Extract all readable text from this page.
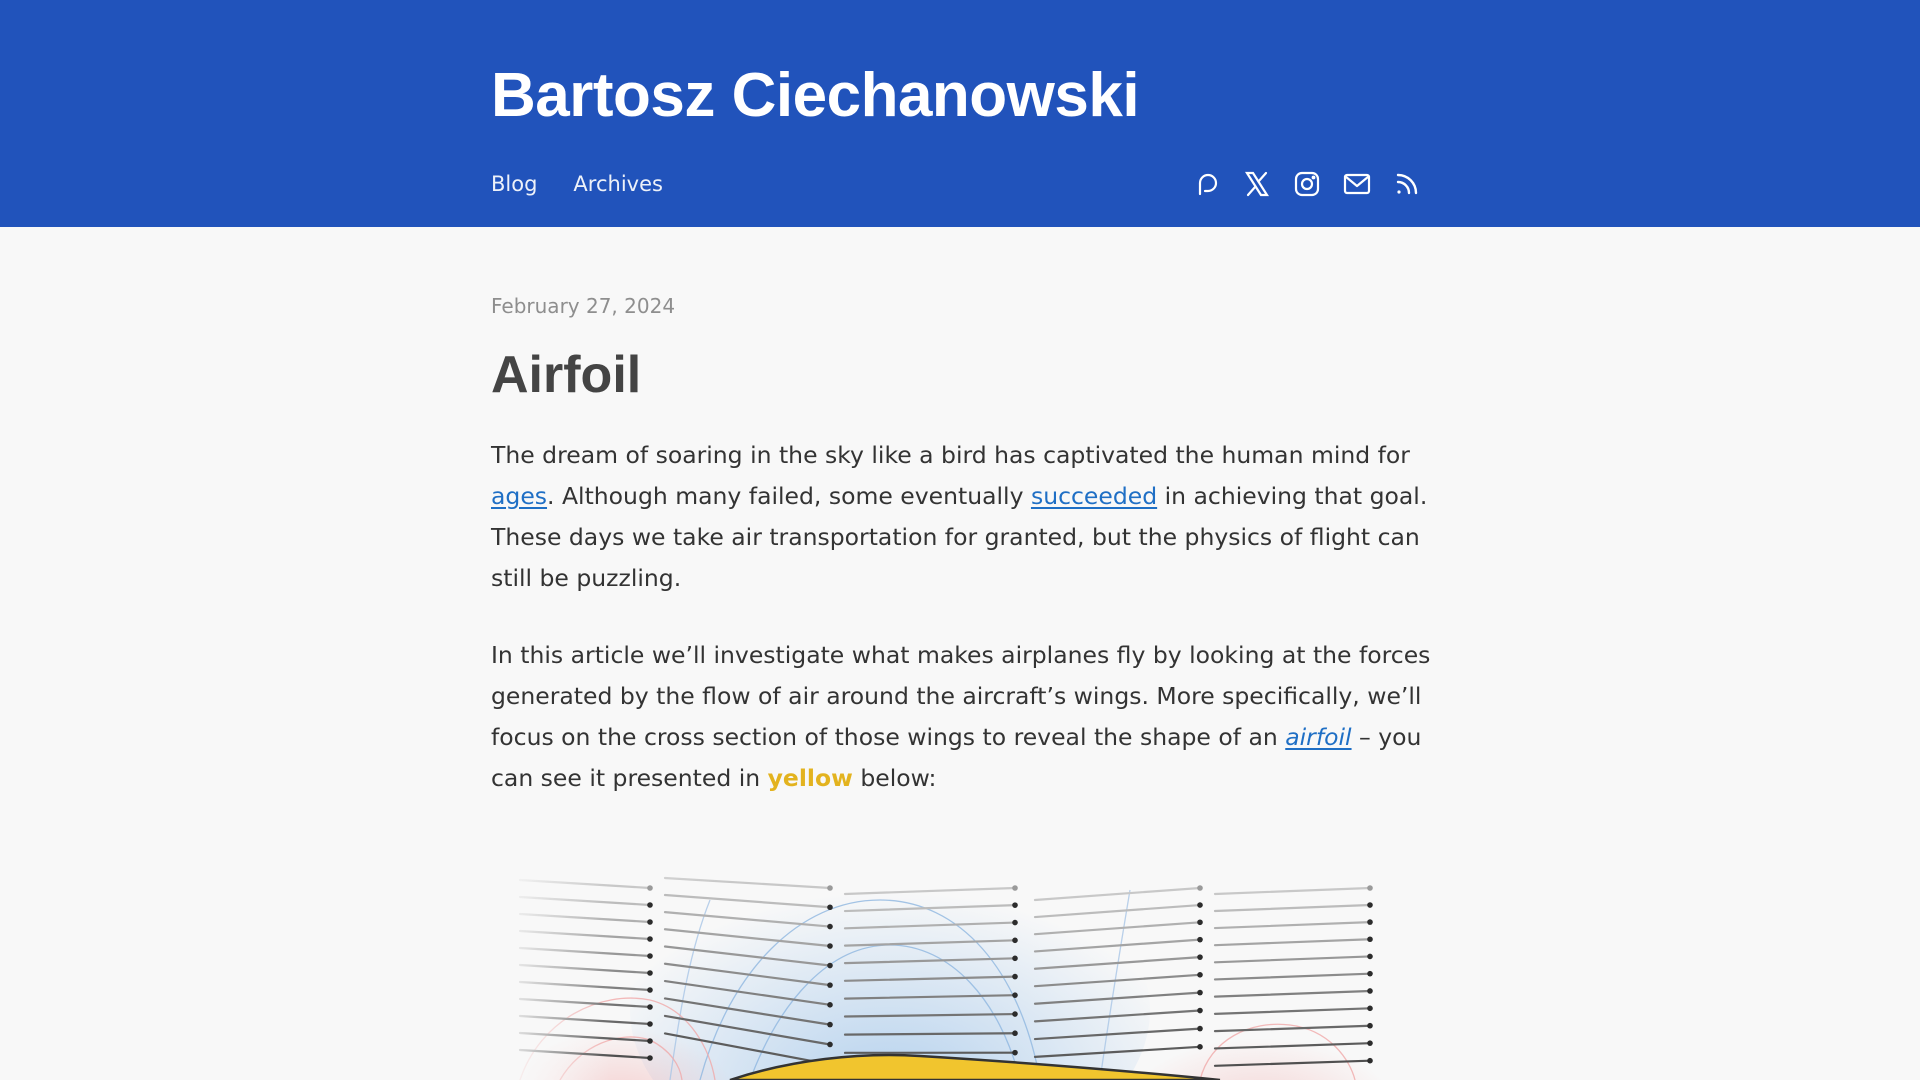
Bartosz Ciechanowski
Blog Archives
February 27, 2024
Airfoil
The dream of soaring in the sky like a bird has captivated the human mind for
ages. Although many failed, some eventually succeeded in achieving that goal.
These days we take air transportation for granted, but the physics of flight can
still be puzzling.
In this article we’ll investigate what makes airplanes fly by looking at the forces
generated by the flow of air around the aircraft’s wings. More specifically, we’ll
focus on the cross section of those wings to reveal the shape of an airfoil – you
can see it presented in yellow below:
